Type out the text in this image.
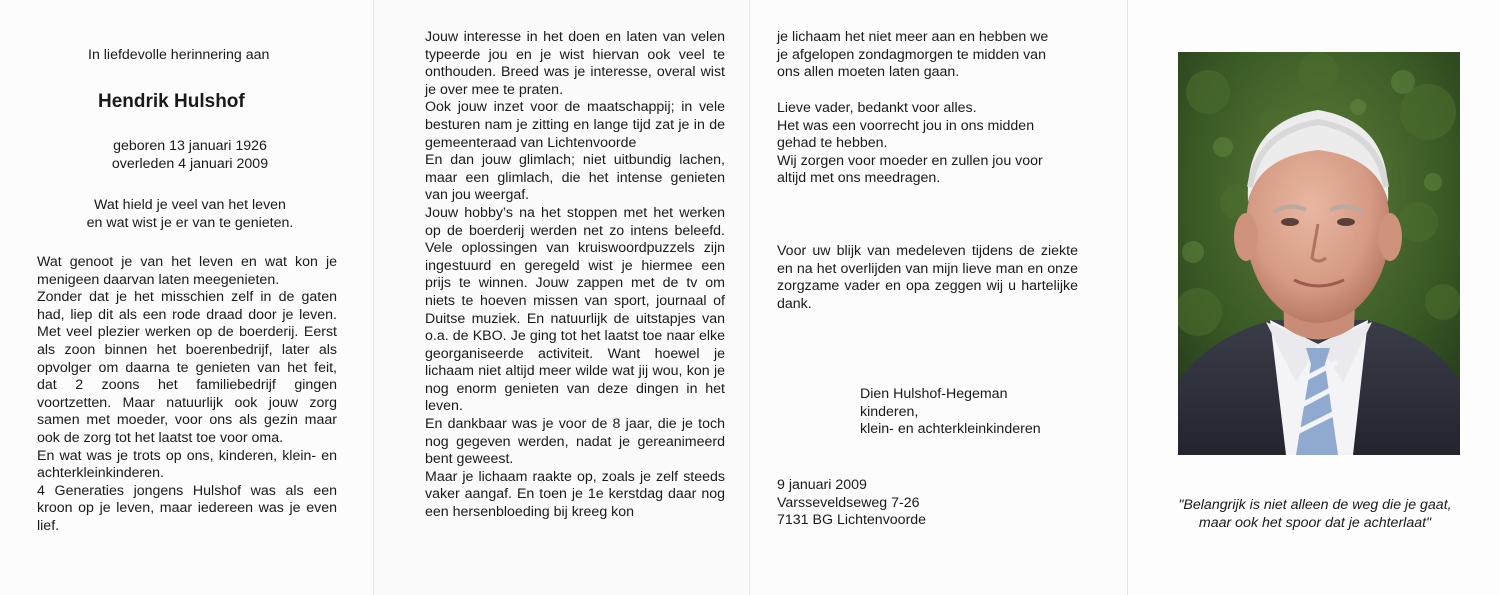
In liefdevolle herinnering aan
Hendrik Hulshof
geboren 13 januari 1926
overleden 4 januari 2009
Wat hield je veel van het leven
en wat wist je er van te genieten.

Wat genoot je van het leven en wat kon je menigeen daarvan laten meegenieten.

Zonder dat je het misschien zelf in de gaten had, liep dit als een rode draad door je leven. Met veel plezier werken op de boerderij. Eerst als zoon binnen het boerenbedrijf, later als opvolger om daarna te genieten van het feit, dat 2 zoons het familiebedrijf gingen voortzetten. Maar natuurlijk ook jouw zorg samen met moeder, voor ons als gezin maar ook de zorg tot het laatst toe voor oma.

En wat was je trots op ons, kinderen, klein- en achterkleinkinderen.

4 Generaties jongens Hulshof was als een kroon op je leven, maar iedereen was je even lief.

Jouw interesse in het doen en laten van velen typeerde jou en je wist hiervan ook veel te onthouden. Breed was je interesse, overal wist je over mee te praten.

Ook jouw inzet voor de maatschappij; in vele besturen nam je zitting en lange tijd zat je in de gemeenteraad van Lichtenvoorde

En dan jouw glimlach; niet uitbundig lachen, maar een glimlach, die het intense genieten van jou weergaf.

Jouw hobby’s na het stoppen met het werken op de boerderij werden net zo intens beleefd. Vele oplossingen van kruiswoordpuzzels zijn ingestuurd en geregeld wist je hiermee een prijs te winnen. Jouw zappen met de tv om niets te hoeven missen van sport, journaal of Duitse muziek. En natuurlijk de uitstapjes van o.a. de KBO. Je ging tot het laatst toe naar elke georganiseerde activiteit. Want hoewel je lichaam niet altijd meer wilde wat jij wou, kon je nog enorm genieten van deze dingen in het leven.

En dankbaar was je voor de 8 jaar, die je toch nog gegeven werden, nadat je gereanimeerd bent geweest.

Maar je lichaam raakte op, zoals je zelf steeds vaker aangaf. En toen je 1e kerstdag daar nog een hersenbloeding bij kreeg kon

je lichaam het niet meer aan en hebben we
je afgelopen zondagmorgen te midden van
ons allen moeten laten gaan.
Lieve vader, bedankt voor alles.
Het was een voorrecht jou in ons midden
gehad te hebben.
Wij zorgen voor moeder en zullen jou voor
altijd met ons meedragen.

Voor uw blijk van medeleven tijdens de ziekte en na het overlijden van mijn lieve man en onze zorgzame vader en opa zeggen wij u hartelijke dank.

Dien Hulshof-Hegeman
kinderen,
klein- en achterkleinkinderen
9 januari 2009
Varsseveldseweg 7-26
7131 BG Lichtenvoorde
"Belangrijk is niet alleen de weg die je gaat,
maar ook het spoor dat je achterlaat"
